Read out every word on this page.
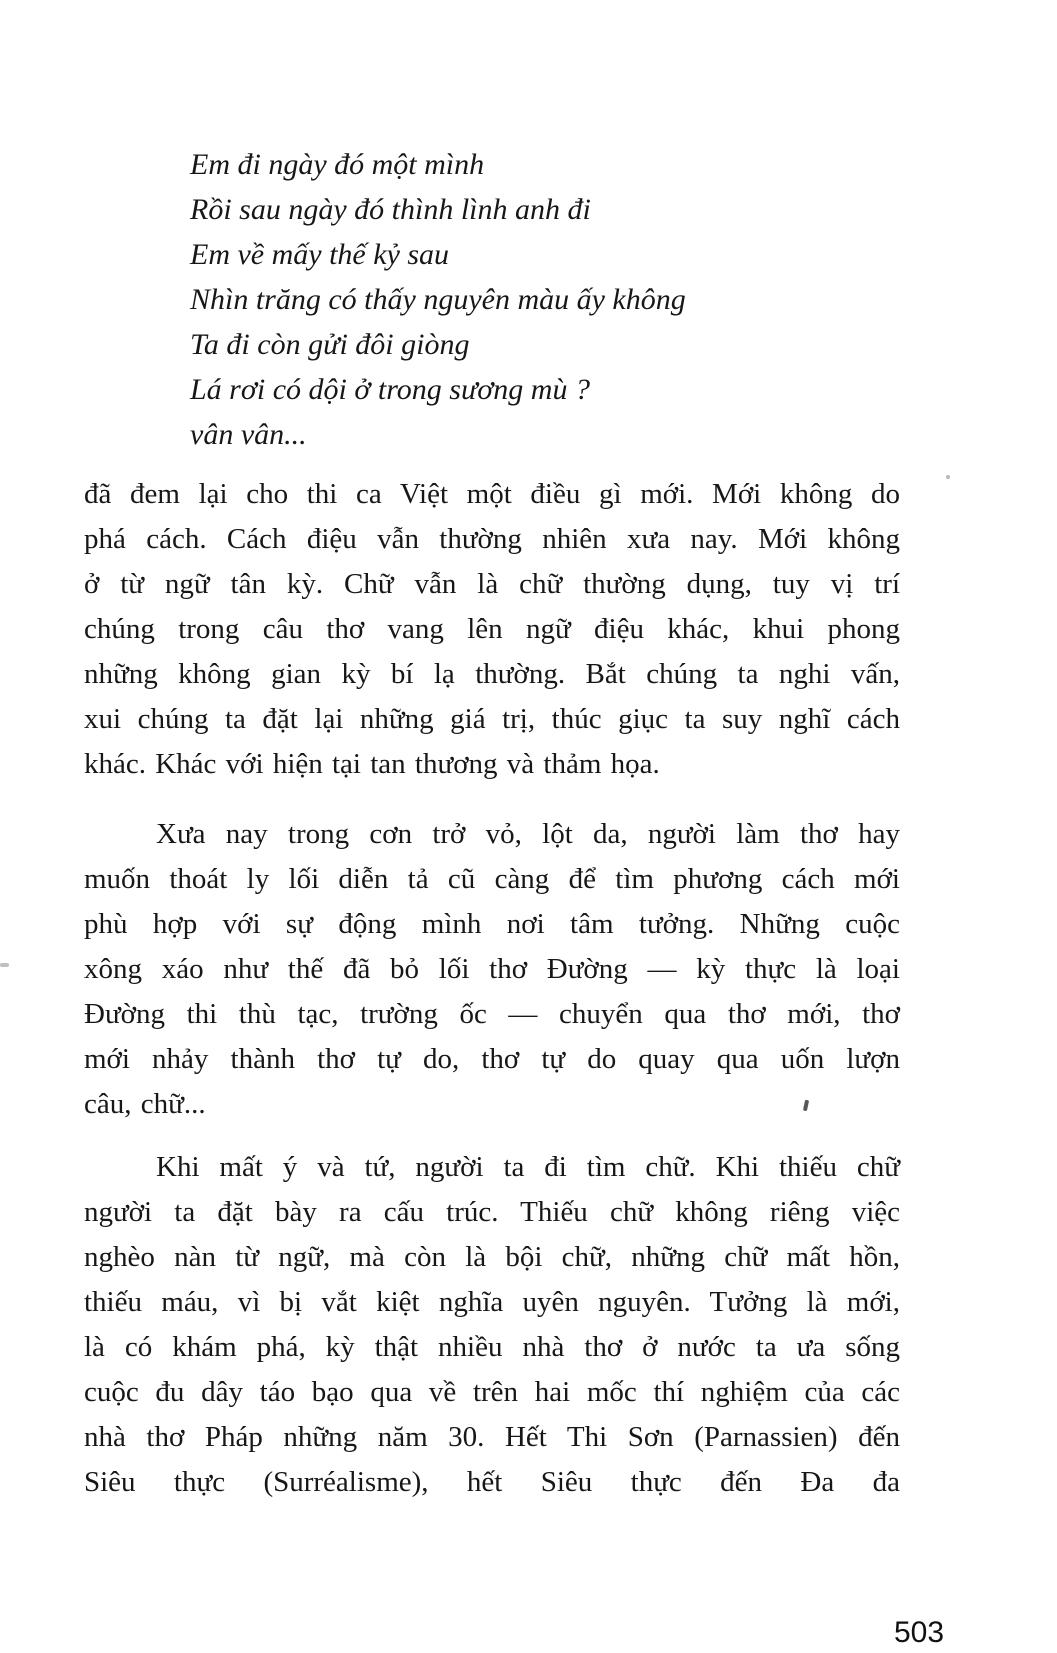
Em đi ngày đó một mình
Rồi sau ngày đó thình lình anh đi
Em về mấy thế kỷ sau
Nhìn trăng có thấy nguyên màu ấy không
Ta đi còn gửi đôi giòng
Lá rơi có dội ở trong sương mù ?
vân vân...
đã đem lại cho thi ca Việt một điều gì mới. Mới không do
phá cách. Cách điệu vẫn thường nhiên xưa nay. Mới không
ở từ ngữ tân kỳ. Chữ vẫn là chữ thường dụng, tuy vị trí
chúng trong câu thơ vang lên ngữ điệu khác, khui phong
những không gian kỳ bí lạ thường. Bắt chúng ta nghi vấn,
xui chúng ta đặt lại những giá trị, thúc giục ta suy nghĩ cách
khác. Khác với hiện tại tan thương và thảm họa.
Xưa nay trong cơn trở vỏ, lột da, người làm thơ hay
muốn thoát ly lối diễn tả cũ càng để tìm phương cách mới
phù hợp với sự động mình nơi tâm tưởng. Những cuộc
xông xáo như thế đã bỏ lối thơ Đường — kỳ thực là loại
Đường thi thù tạc, trường ốc — chuyển qua thơ mới, thơ
mới nhảy thành thơ tự do, thơ tự do quay qua uốn lượn
câu, chữ...
Khi mất ý và tứ, người ta đi tìm chữ. Khi thiếu chữ
người ta đặt bày ra cấu trúc. Thiếu chữ không riêng việc
nghèo nàn từ ngữ, mà còn là bội chữ, những chữ mất hồn,
thiếu máu, vì bị vắt kiệt nghĩa uyên nguyên. Tưởng là mới,
là có khám phá, kỳ thật nhiều nhà thơ ở nước ta ưa sống
cuộc đu dây táo bạo qua về trên hai mốc thí nghiệm của các
nhà thơ Pháp những năm 30. Hết Thi Sơn (Parnassien) đến
Siêu thực (Surréalisme), hết Siêu thực đến Đa đa
503
